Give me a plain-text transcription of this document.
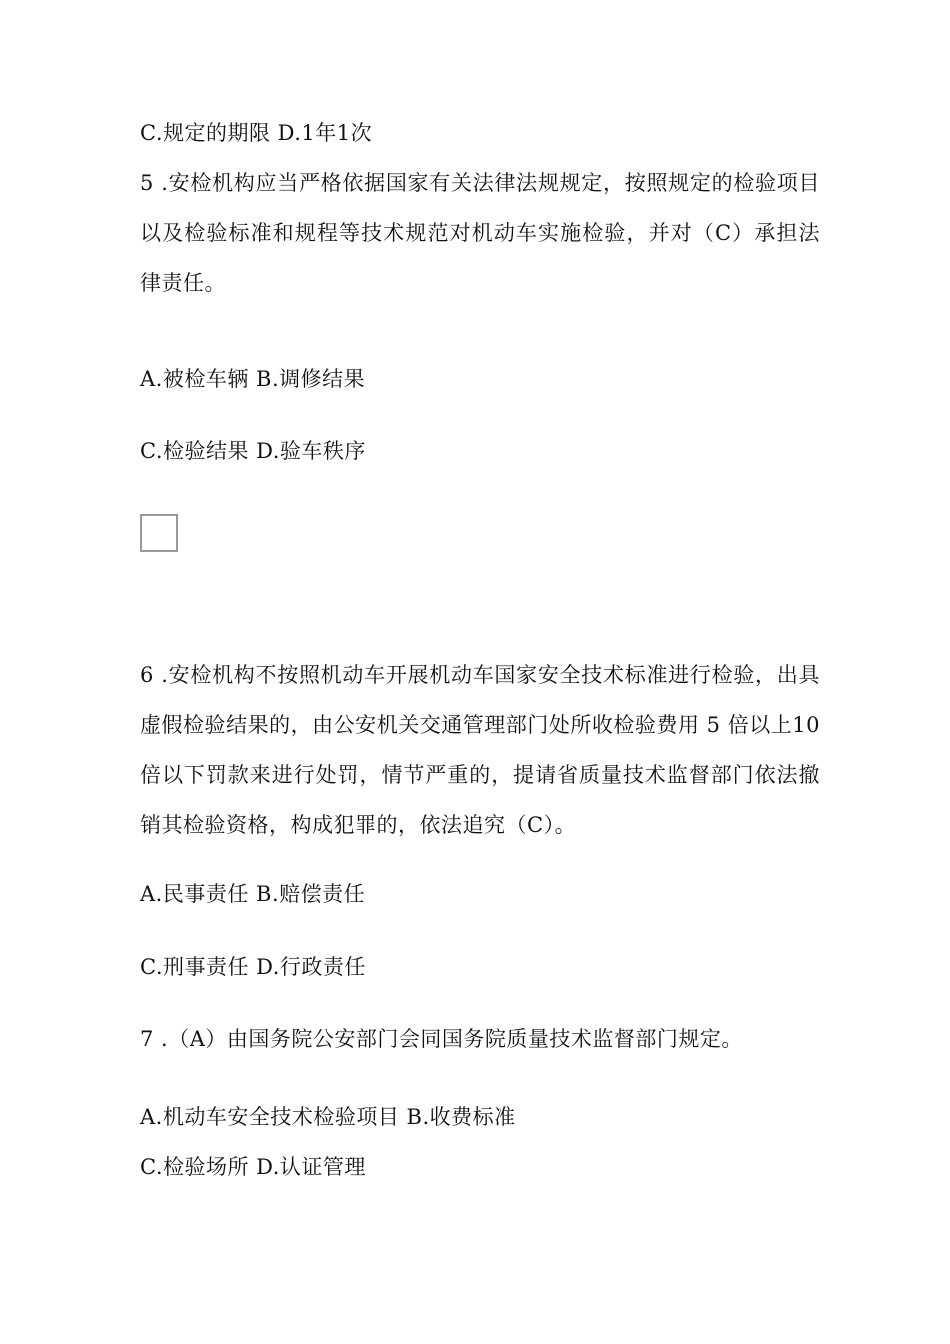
C.规定的期限 D.1年1次
5 .安检机构应当严格依据国家有关法律法规规定，按照规定的检验项目以及检验标准和规程等技术规范对机动车实施检验，并对（C）承担法律责任。
A.被检车辆 B.调修结果
C.检验结果 D.验车秩序
6 .安检机构不按照机动车开展机动车国家安全技术标准进行检验，出具虚假检验结果的，由公安机关交通管理部门处所收检验费用 5 倍以上10倍以下罚款来进行处罚，情节严重的，提请省质量技术监督部门依法撤销其检验资格，构成犯罪的，依法追究（C）。
A.民事责任 B.赔偿责任
C.刑事责任 D.行政责任
7 .（A）由国务院公安部门会同国务院质量技术监督部门规定。
A.机动车安全技术检验项目 B.收费标准
C.检验场所 D.认证管理
